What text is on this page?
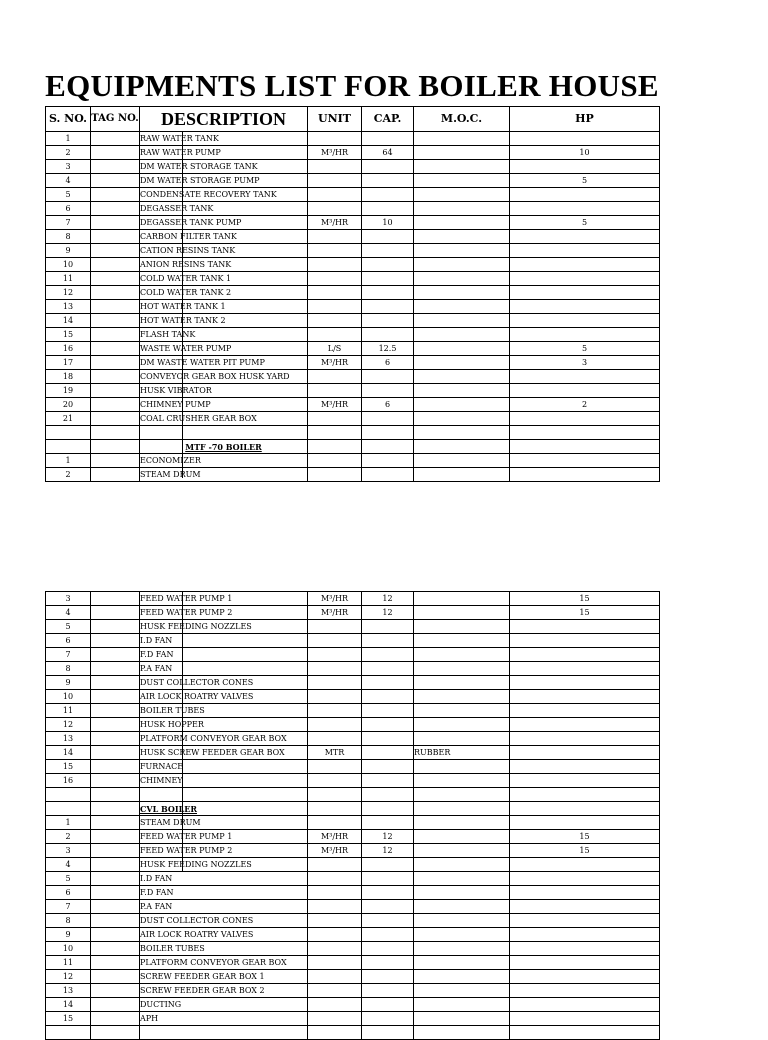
EQUIPMENTS LIST FOR BOILER HOUSE
S. NO.	TAG NO.	DESCRIPTION	UNIT	CAP.	M.O.C.	HP
1		RAW WATER TANK				
2		RAW WATER PUMP	M³/HR	64		10
3		DM WATER STORAGE TANK				
4		DM WATER STORAGE PUMP				5
5		CONDENSATE RECOVERY TANK				
6		DEGASSER TANK				
7		DEGASSER TANK PUMP	M³/HR	10		5
8		CARBON FILTER TANK				
9		CATION RESINS TANK				
10		ANION RESINS TANK				
11		COLD WATER TANK 1				
12		COLD WATER TANK 2				
13		HOT WATER TANK 1				
14		HOT WATER TANK 2				
15		FLASH TANK				
16		WASTE WATER PUMP	L/S	12.5		5
17		DM WASTE WATER PIT PUMP	M³/HR	6		3
18		CONVEYOR GEAR BOX HUSK YARD				
19		HUSK VIBRATOR				
20		CHIMNEY PUMP	M³/HR	6		2
21		COAL CRUSHER GEAR BOX				

		MTF -70 BOILER				
1		ECONOMIZER				
2		STEAM DRUM				
3		FEED WATER PUMP 1	M³/HR	12		15
4		FEED WATER PUMP 2	M³/HR	12		15
5		HUSK FEEDING NOZZLES				
6		I.D FAN				
7		F.D FAN				
8		P.A FAN				
9		DUST COLLECTOR CONES				
10		AIR LOCK ROATRY VALVES				
11		BOILER TUBES				
12		HUSK HOPPER				
13		PLATFORM CONVEYOR GEAR BOX				
14		HUSK SCREW FEEDER GEAR BOX	MTR		RUBBER	
15		FURNACE				
16		CHIMNEY				

		CVL BOILER				
1		STEAM DRUM				
2		FEED WATER PUMP 1	M³/HR	12		15
3		FEED WATER PUMP 2	M³/HR	12		15
4		HUSK FEEDING NOZZLES				
5		I.D FAN				
6		F.D FAN				
7		P.A FAN				
8		DUST COLLECTOR CONES				
9		AIR LOCK ROATRY VALVES				
10		BOILER TUBES				
11		PLATFORM CONVEYOR GEAR BOX				
12		SCREW FEEDER GEAR BOX 1				
13		SCREW FEEDER GEAR BOX 2				
14		DUCTING				
15		APH				
